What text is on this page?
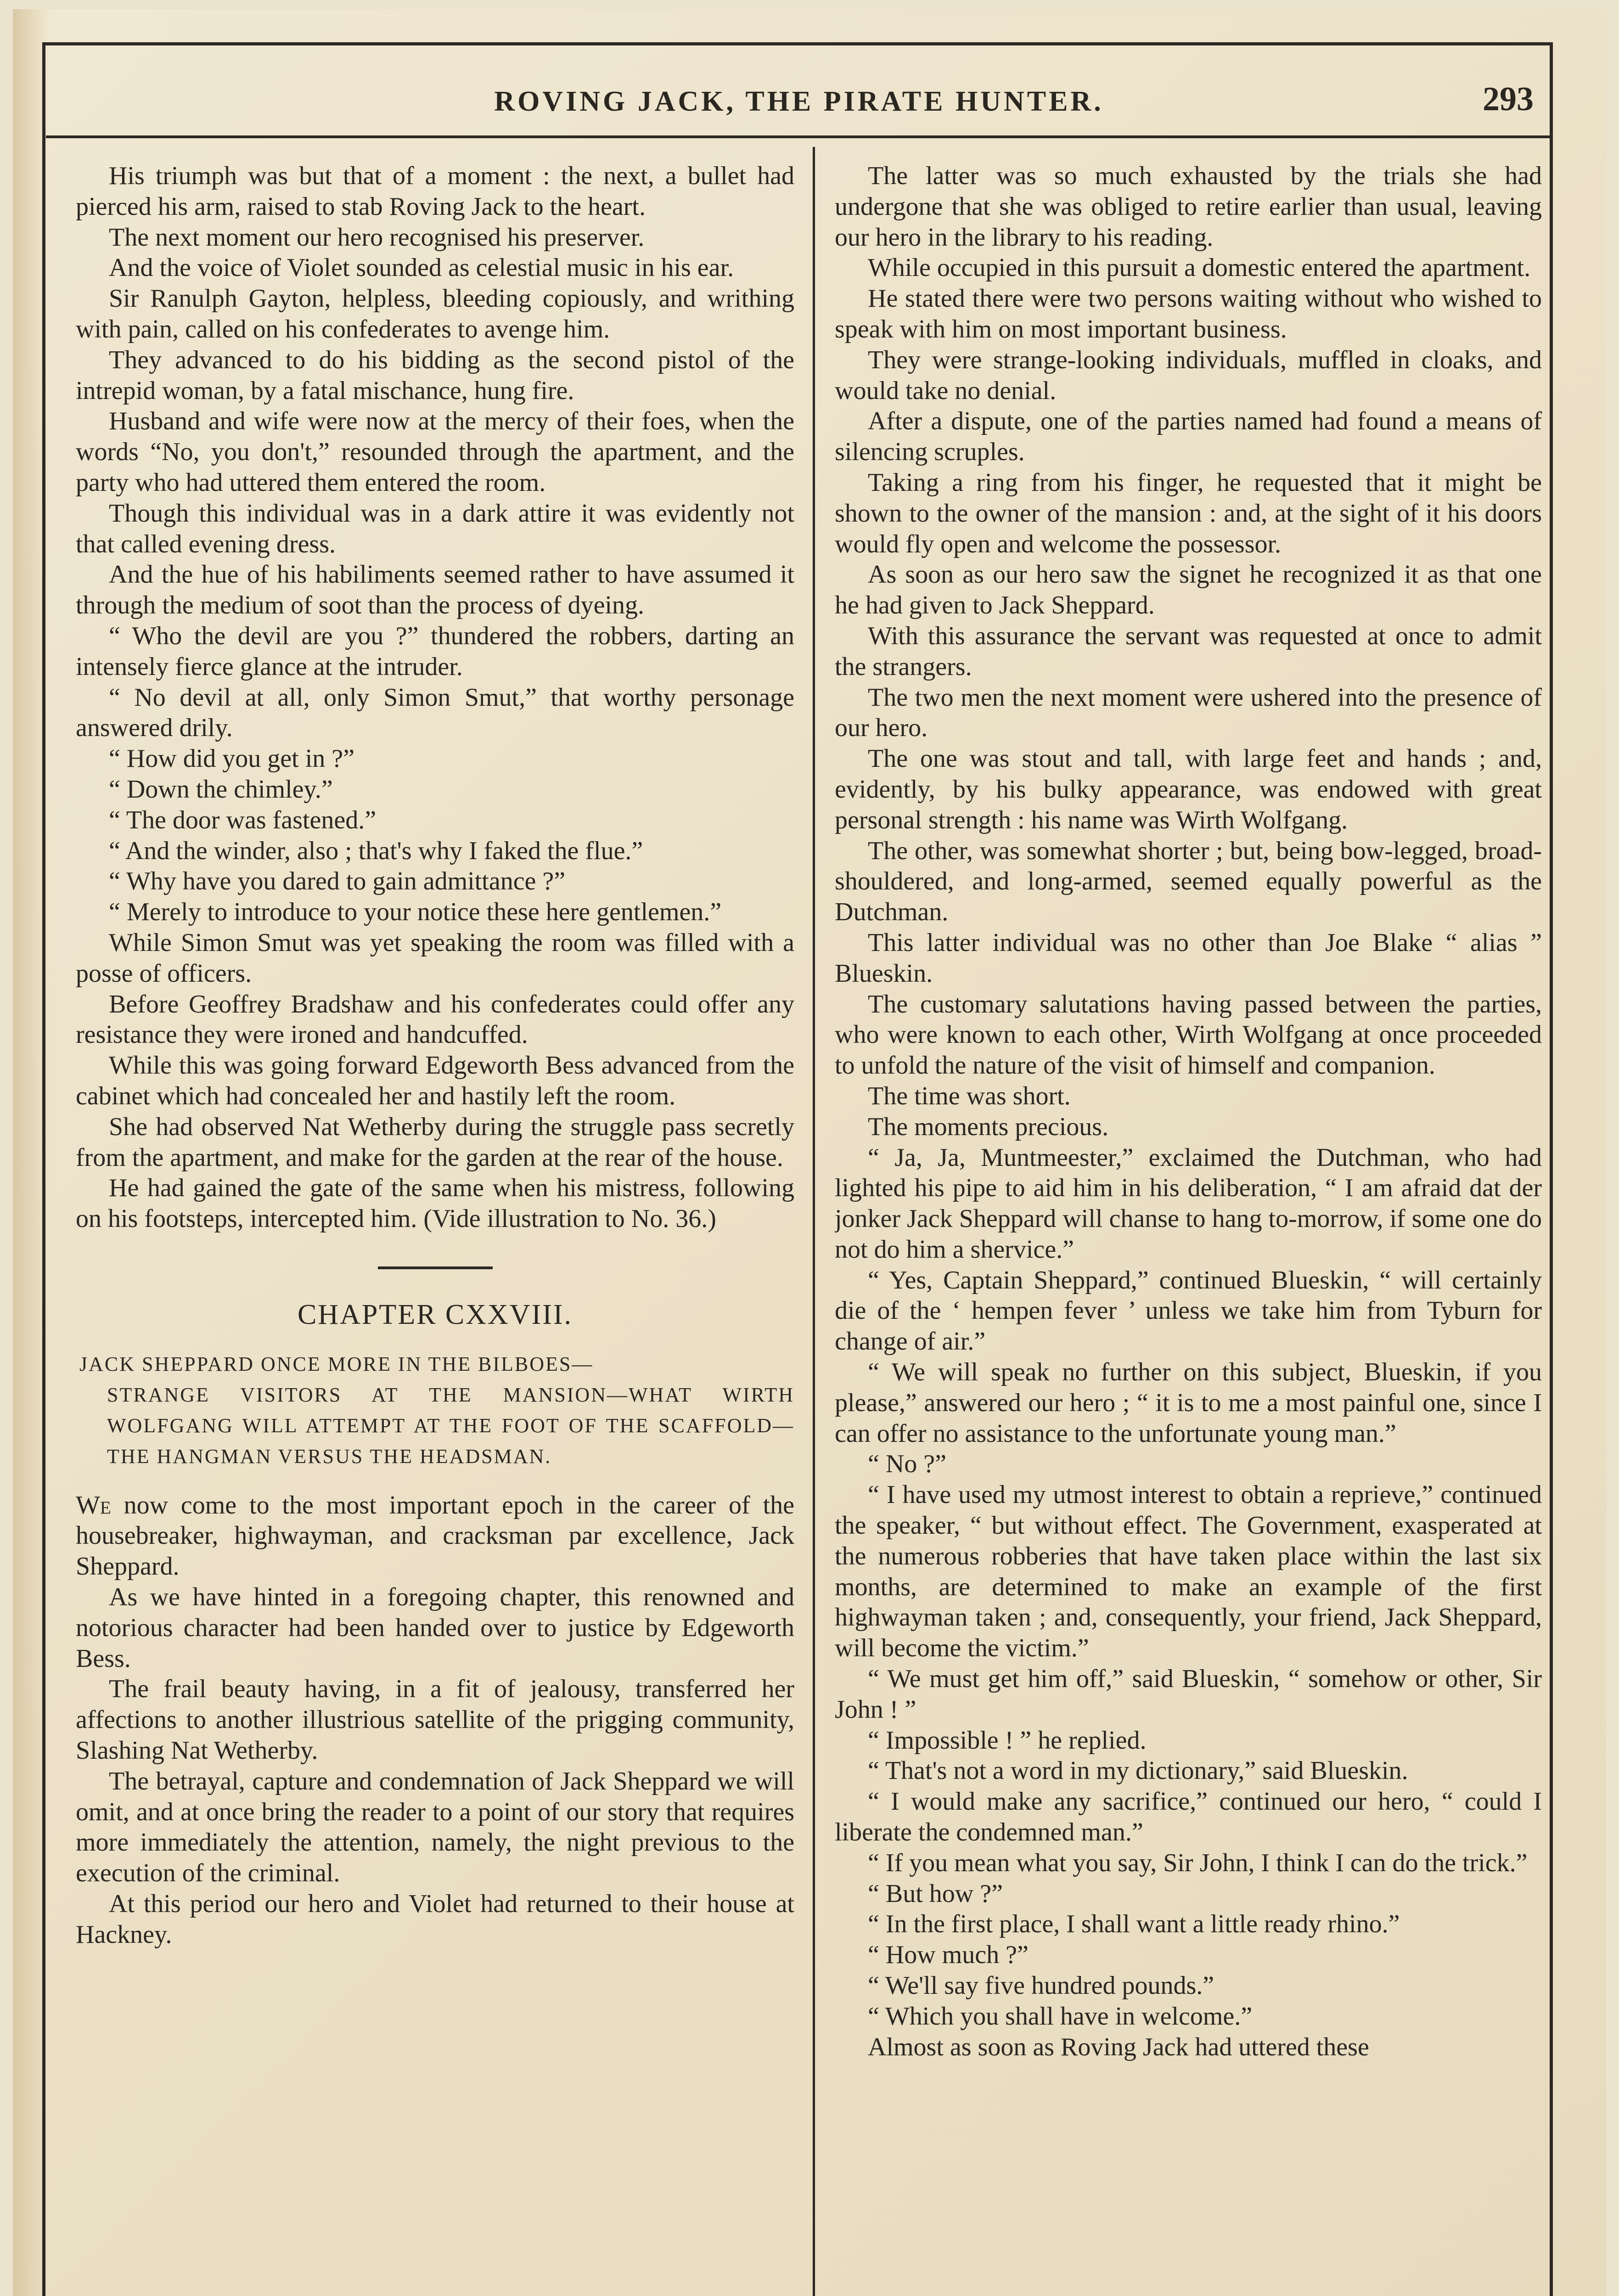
ROVING JACK, THE PIRATE HUNTER.	293

His triumph was but that of a moment : the next, a bullet had pierced his arm, raised to stab Roving Jack to the heart.

The next moment our hero recognised his preserver.

And the voice of Violet sounded as celestial music in his ear.

Sir Ranulph Gayton, helpless, bleeding copiously, and writhing with pain, called on his confederates to avenge him.

They advanced to do his bidding as the second pistol of the intrepid woman, by a fatal mischance, hung fire.

Husband and wife were now at the mercy of their foes, when the words “No, you don't,” resounded through the apartment, and the party who had uttered them entered the room.

Though this individual was in a dark attire it was evidently not that called evening dress.

And the hue of his habiliments seemed rather to have assumed it through the medium of soot than the process of dyeing.

“ Who the devil are you ?” thundered the robbers, darting an intensely fierce glance at the intruder.

“ No devil at all, only Simon Smut,” that worthy personage answered drily.

“ How did you get in ?”

“ Down the chimley.”

“ The door was fastened.”

“ And the winder, also ; that's why I faked the flue.”

“ Why have you dared to gain admittance ?”

“ Merely to introduce to your notice these here gentlemen.”

While Simon Smut was yet speaking the room was filled with a posse of officers.

Before Geoffrey Bradshaw and his confederates could offer any resistance they were ironed and handcuffed.

While this was going forward Edgeworth Bess advanced from the cabinet which had concealed her and hastily left the room.

She had observed Nat Wetherby during the struggle pass secretly from the apartment, and make for the garden at the rear of the house.

He had gained the gate of the same when his mistress, following on his footsteps, intercepted him. (Vide illustration to No. 36.)

CHAPTER CXXVIII.
JACK SHEPPARD ONCE MORE IN THE BILBOES—
STRANGE VISITORS AT THE MANSION—WHAT WIRTH WOLFGANG WILL ATTEMPT AT THE FOOT OF THE SCAFFOLD—THE HANGMAN VERSUS THE HEADSMAN.

We now come to the most important epoch in the career of the housebreaker, highwayman, and cracksman par excellence, Jack Sheppard.

As we have hinted in a foregoing chapter, this renowned and notorious character had been handed over to justice by Edgeworth Bess.

The frail beauty having, in a fit of jealousy, transferred her affections to another illustrious satellite of the prigging community, Slashing Nat Wetherby.

The betrayal, capture and condemnation of Jack Sheppard we will omit, and at once bring the reader to a point of our story that requires more immediately the attention, namely, the night previous to the execution of the criminal.

At this period our hero and Violet had returned to their house at Hackney.

The latter was so much exhausted by the trials she had undergone that she was obliged to retire earlier than usual, leaving our hero in the library to his reading.

While occupied in this pursuit a domestic entered the apartment.

He stated there were two persons waiting without who wished to speak with him on most important business.

They were strange-looking individuals, muffled in cloaks, and would take no denial.

After a dispute, one of the parties named had found a means of silencing scruples.

Taking a ring from his finger, he requested that it might be shown to the owner of the mansion : and, at the sight of it his doors would fly open and welcome the possessor.

As soon as our hero saw the signet he recognized it as that one he had given to Jack Sheppard.

With this assurance the servant was requested at once to admit the strangers.

The two men the next moment were ushered into the presence of our hero.

The one was stout and tall, with large feet and hands ; and, evidently, by his bulky appearance, was endowed with great personal strength : his name was Wirth Wolfgang.

The other, was somewhat shorter ; but, being bow-legged, broad-shouldered, and long-armed, seemed equally powerful as the Dutchman.

This latter individual was no other than Joe Blake “ alias ” Blueskin.

The customary salutations having passed between the parties, who were known to each other, Wirth Wolfgang at once proceeded to unfold the nature of the visit of himself and companion.

The time was short.

The moments precious.

“ Ja, Ja, Muntmeester,” exclaimed the Dutchman, who had lighted his pipe to aid him in his deliberation, “ I am afraid dat der jonker Jack Sheppard will chanse to hang to-morrow, if some one do not do him a shervice.”

“ Yes, Captain Sheppard,” continued Blueskin, “ will certainly die of the ‘ hempen fever ’ unless we take him from Tyburn for change of air.”

“ We will speak no further on this subject, Blueskin, if you please,” answered our hero ; “ it is to me a most painful one, since I can offer no assistance to the unfortunate young man.”

“ No ?”

“ I have used my utmost interest to obtain a reprieve,” continued the speaker, “ but without effect. The Government, exasperated at the numerous robberies that have taken place within the last six months, are determined to make an example of the first highwayman taken ; and, consequently, your friend, Jack Sheppard, will become the victim.”

“ We must get him off,” said Blueskin, “ somehow or other, Sir John ! ”

“ Impossible ! ” he replied.

“ That's not a word in my dictionary,” said Blueskin.

“ I would make any sacrifice,” continued our hero, “ could I liberate the condemned man.”

“ If you mean what you say, Sir John, I think I can do the trick.”

“ But how ?”

“ In the first place, I shall want a little ready rhino.”

“ How much ?”

“ We'll say five hundred pounds.”

“ Which you shall have in welcome.”

Almost as soon as Roving Jack had uttered these
